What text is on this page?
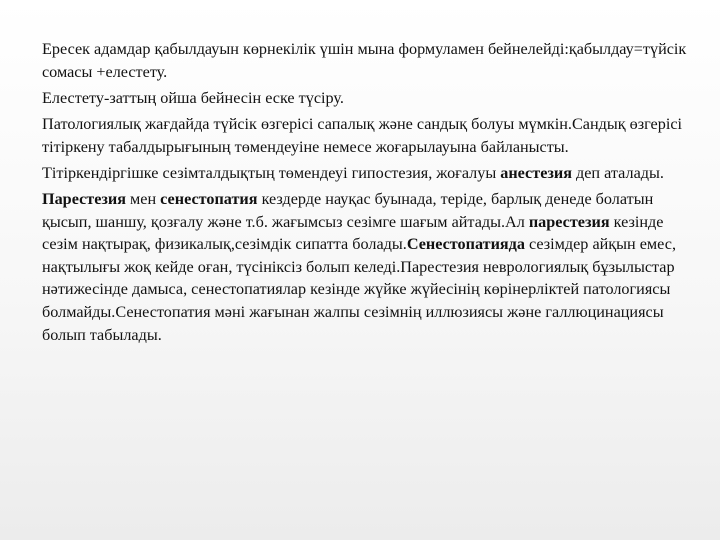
Ересек адамдар қабылдауын көрнекілік үшін мына формуламен бейнелейді:қабылдау=түйсік сомасы +елестету.

Елестету-заттың ойша бейнесін еске түсіру.

Патологиялық жағдайда түйсік өзгерісі сапалық және сандық болуы мүмкін.Сандық өзгерісі тітіркену табалдырығының төмендеуіне немесе жоғарылауына байланысты.

Тітіркендіргішке сезімталдықтың төмендеуі гипостезия, жоғалуы анестезия деп аталады.

Парестезия мен сенестопатия кездерде науқас буынада, теріде, барлық денеде болатын қысып, шаншу, қозғалу және т.б. жағымсыз сезімге шағым айтады.Ал парестезия кезінде сезім нақтырақ, физикалық,сезімдік сипатта болады.Сенестопатияда сезімдер айқын емес, нақтылығы жоқ кейде оған, түсініксіз болып келеді.Парестезия неврологиялық бұзылыстар нәтижесінде дамыса, сенестопатиялар кезінде жүйке жүйесінің көрінерліктей патологиясы болмайды.Сенестопатия мәні жағынан жалпы сезімнің иллюзиясы және галлюцинациясы болып табылады.
